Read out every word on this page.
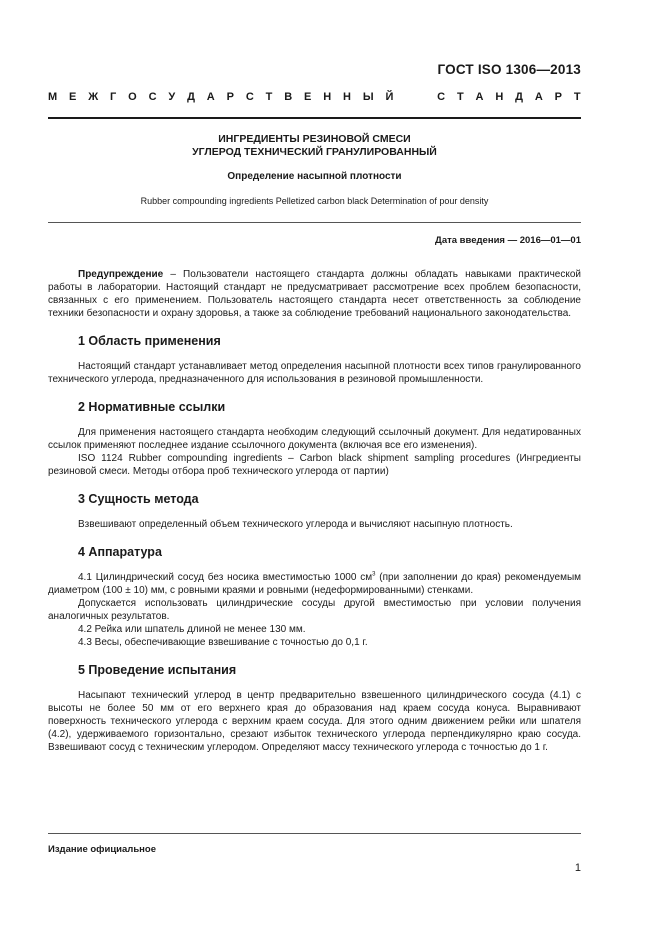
ГОСТ ISO 1306—2013
М Е Ж Г О С У Д А Р С Т В Е Н Н Ы Й	С Т А Н Д А Р Т
ИНГРЕДИЕНТЫ РЕЗИНОВОЙ СМЕСИ
УГЛЕРОД ТЕХНИЧЕСКИЙ ГРАНУЛИРОВАННЫЙ
Определение насыпной плотности
Rubber compounding ingredients Pelletized carbon black Determination of pour density
Дата введения — 2016—01—01

Предупреждение – Пользователи настоящего стандарта должны обладать навыками практической работы в лаборатории. Настоящий стандарт не предусматривает рассмотрение всех проблем безопасности, связанных с его применением. Пользователь настоящего стандарта несет ответственность за соблюдение техники безопасности и охрану здоровья, а также за соблюдение требований национального законодательства.

1 Область применения

Настоящий стандарт устанавливает метод определения насыпной плотности всех типов гранулированного технического углерода, предназначенного для использования в резиновой промышленности.

2 Нормативные ссылки

Для применения настоящего стандарта необходим следующий ссылочный документ. Для недатированных ссылок применяют последнее издание ссылочного документа (включая все его изменения).

ISO 1124 Rubber compounding ingredients – Carbon black shipment sampling procedures (Ингредиенты резиновой смеси. Методы отбора проб технического углерода от партии)

3 Сущность метода

Взвешивают определенный объем технического углерода и вычисляют насыпную плотность.

4 Аппаратура

4.1 Цилиндрический сосуд без носика вместимостью 1000 $см^3$ (при заполнении до края) рекомендуемым диаметром (100 ± 10) мм, с ровными краями и ровными (недеформированными) стенками.

Допускается использовать цилиндрические сосуды другой вместимостью при условии получения аналогичных результатов.

4.2 Рейка или шпатель длиной не менее 130 мм.

4.3 Весы, обеспечивающие взвешивание с точностью до 0,1 г.

5 Проведение испытания

Насыпают технический углерод в центр предварительно взвешенного цилиндрического сосуда (4.1) с высоты не более 50 мм от его верхнего края до образования над краем сосуда конуса. Выравнивают поверхность технического углерода с верхним краем сосуда. Для этого одним движением рейки или шпателя (4.2), удерживаемого горизонтально, срезают избыток технического углерода перпендикулярно краю сосуда. Взвешивают сосуд с техническим углеродом. Определяют массу технического углерода с точностью до 1 г.

Издание официальное
1
